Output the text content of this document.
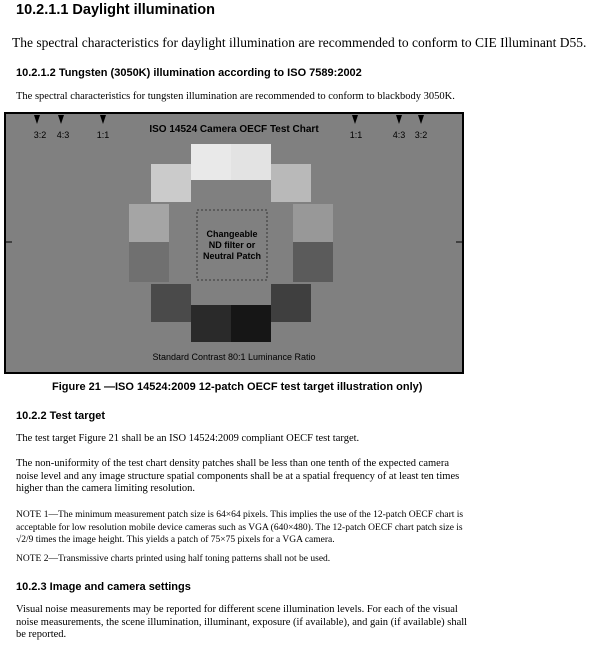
10.2.1.1 Daylight illumination
The spectral characteristics for daylight illumination are recommended to conform to CIE Illuminant D55.
10.2.1.2 Tungsten (3050K) illumination according to ISO 7589:2002
The spectral characteristics for tungsten illumination are recommended to conform to blackbody 3050K.
3:2 4:3	1:1	1:1	4:3 3:2
ISO 14524 Camera OECF Test Chart
Changeable
ND filter or
Neutral Patch
Standard Contrast 80:1 Luminance Ratio
Figure 21 —ISO 14524:2009 12-patch OECF test target illustration only)
10.2.2 Test target
The test target Figure 21 shall be an ISO 14524:2009 compliant OECF test target.
The non-uniformity of the test chart density patches shall be less than one tenth of the expected camera
noise level and any image structure spatial components shall be at a spatial frequency of at least ten times
higher than the camera limiting resolution.
NOTE 1—The minimum measurement patch size is 64×64 pixels. This implies the use of the 12-patch OECF chart is
acceptable for low resolution mobile device cameras such as VGA (640×480). The 12-patch OECF chart patch size is
√2/9 times the image height. This yields a patch of 75×75 pixels for a VGA camera.
NOTE 2—Transmissive charts printed using half toning patterns shall not be used.
10.2.3 Image and camera settings
Visual noise measurements may be reported for different scene illumination levels. For each of the visual
noise measurements, the scene illumination, illuminant, exposure (if available), and gain (if available) shall
be reported.
